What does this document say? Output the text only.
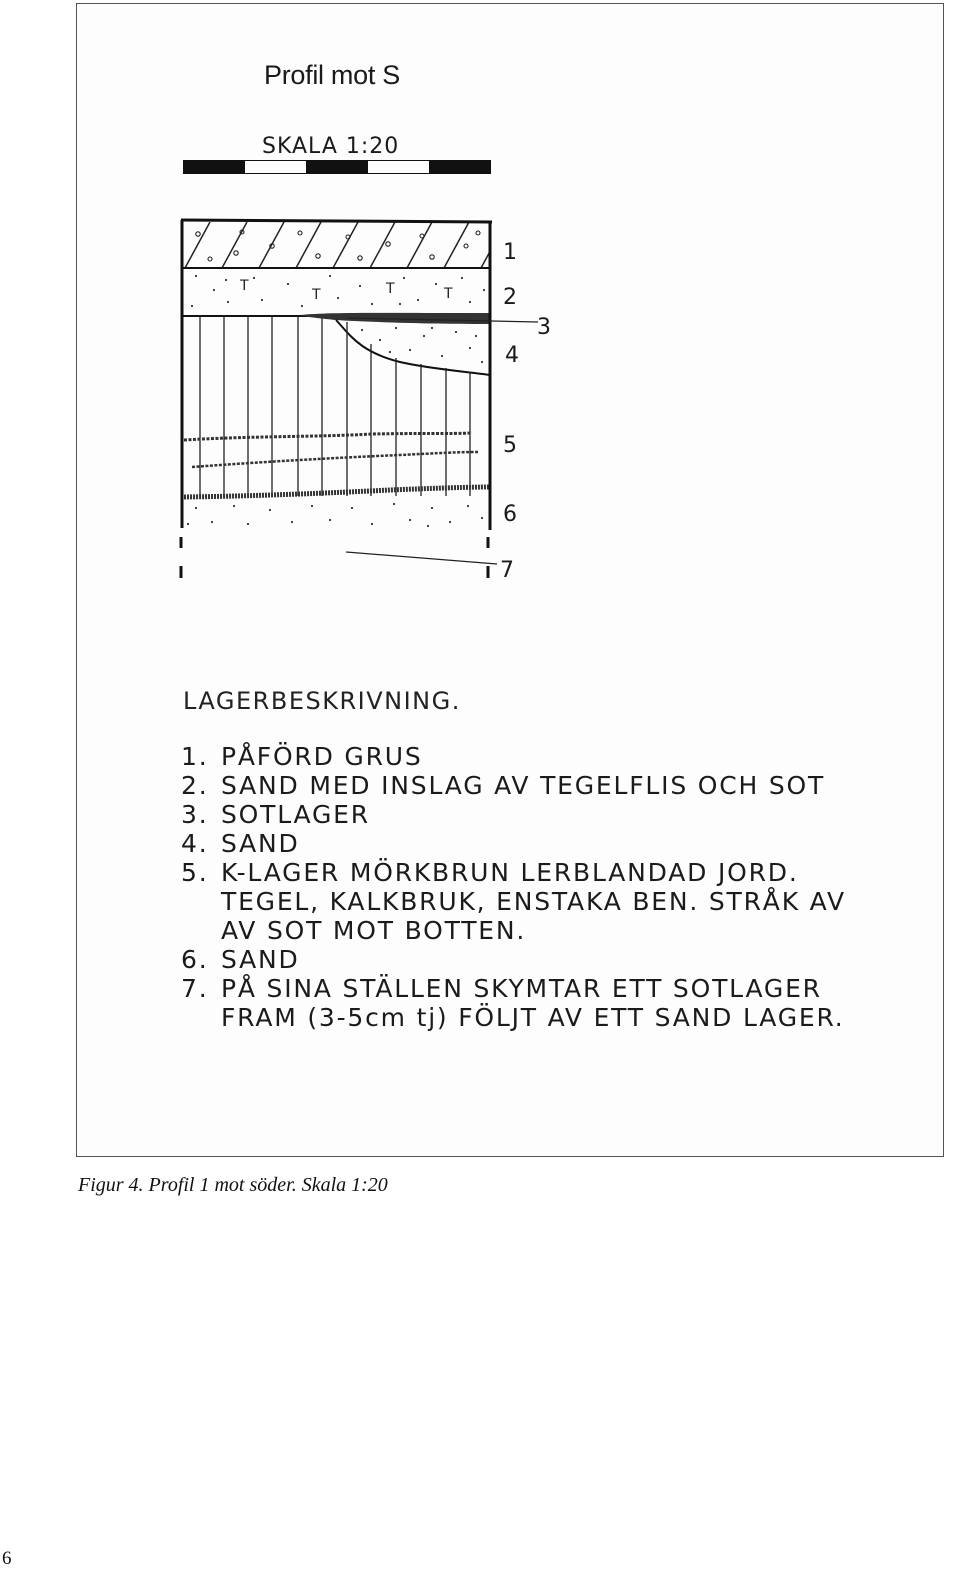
Profil mot S
SKALA 1:20
T
T	T	T
1
2
3
4
5
6
7
LAGERBESKRIVNING.
1. PÅFÖRD GRUS
2. SAND MED INSLAG AV TEGELFLIS OCH SOT
3. SOTLAGER
4. SAND
5. K-LAGER MÖRKBRUN LERBLANDAD JORD.
TEGEL, KALKBRUK, ENSTAKA BEN. STRÅK AV
AV SOT MOT BOTTEN.
6. SAND
7. PÅ SINA STÄLLEN SKYMTAR ETT SOTLAGER
FRAM (3-5cm tj) FÖLJT AV ETT SAND LAGER.
Figur 4. Profil 1 mot söder. Skala 1:20
6
